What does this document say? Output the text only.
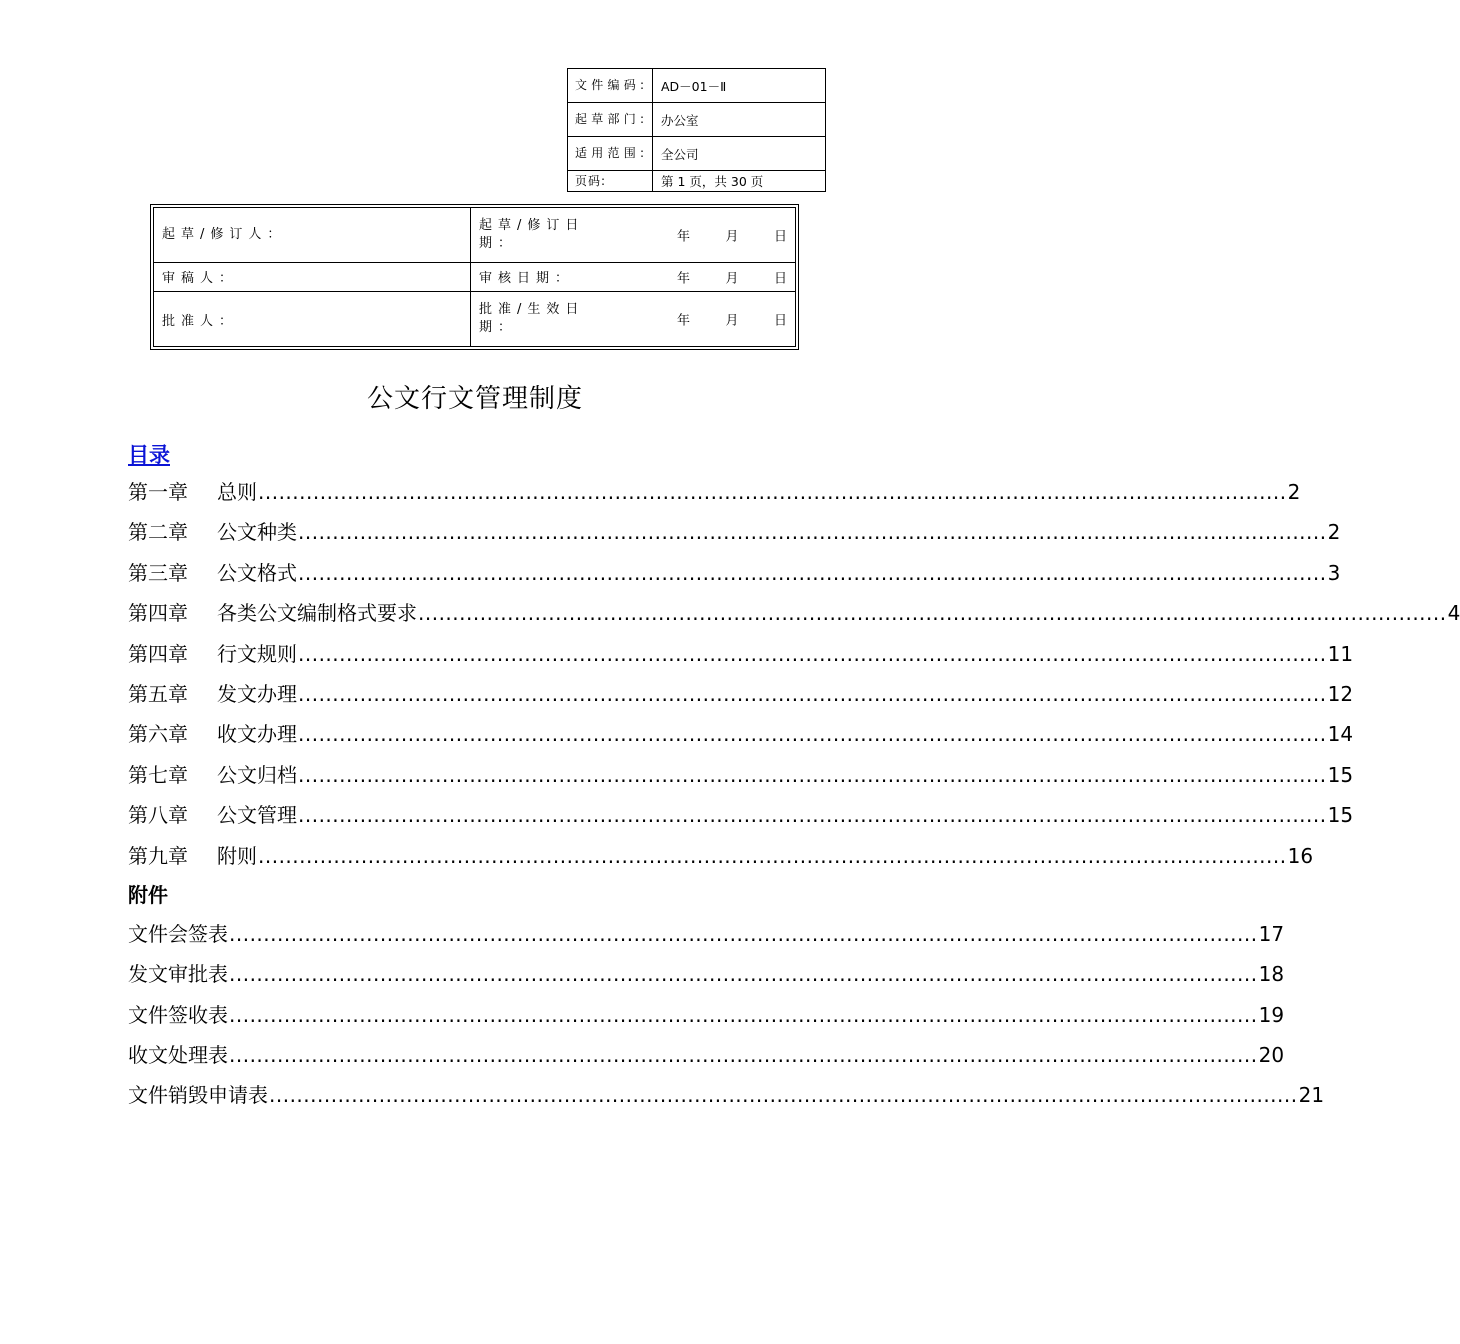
文件编码:	AD－01－Ⅱ
起草部门:	办公室
适用范围:	全公司
页码:	第 1 页，共 30 页
起草/修订人：	起草/修订日期： 年 月 日

审稿人：	审核日期： 年 月 日

批准人：	批准/生效日期： 年 月 日
公文行文管理制度
目录
第一章	总则 ...................................................................................................................................................... 2
第二章	公文种类 ...................................................................................................................................................... 2
第三章	公文格式 ...................................................................................................................................................... 3
第四章	各类公文编制格式要求 ...................................................................................................................................................... 4
第四章	行文规则 ...................................................................................................................................................... 11
第五章	发文办理 ...................................................................................................................................................... 12
第六章	收文办理 ...................................................................................................................................................... 14
第七章	公文归档 ...................................................................................................................................................... 15
第八章	公文管理 ...................................................................................................................................................... 15
第九章	附则 ...................................................................................................................................................... 16
附件
文件会签表 ...................................................................................................................................................... 17
发文审批表 ...................................................................................................................................................... 18
文件签收表 ...................................................................................................................................................... 19
收文处理表 ...................................................................................................................................................... 20
文件销毁申请表 ...................................................................................................................................................... 21
